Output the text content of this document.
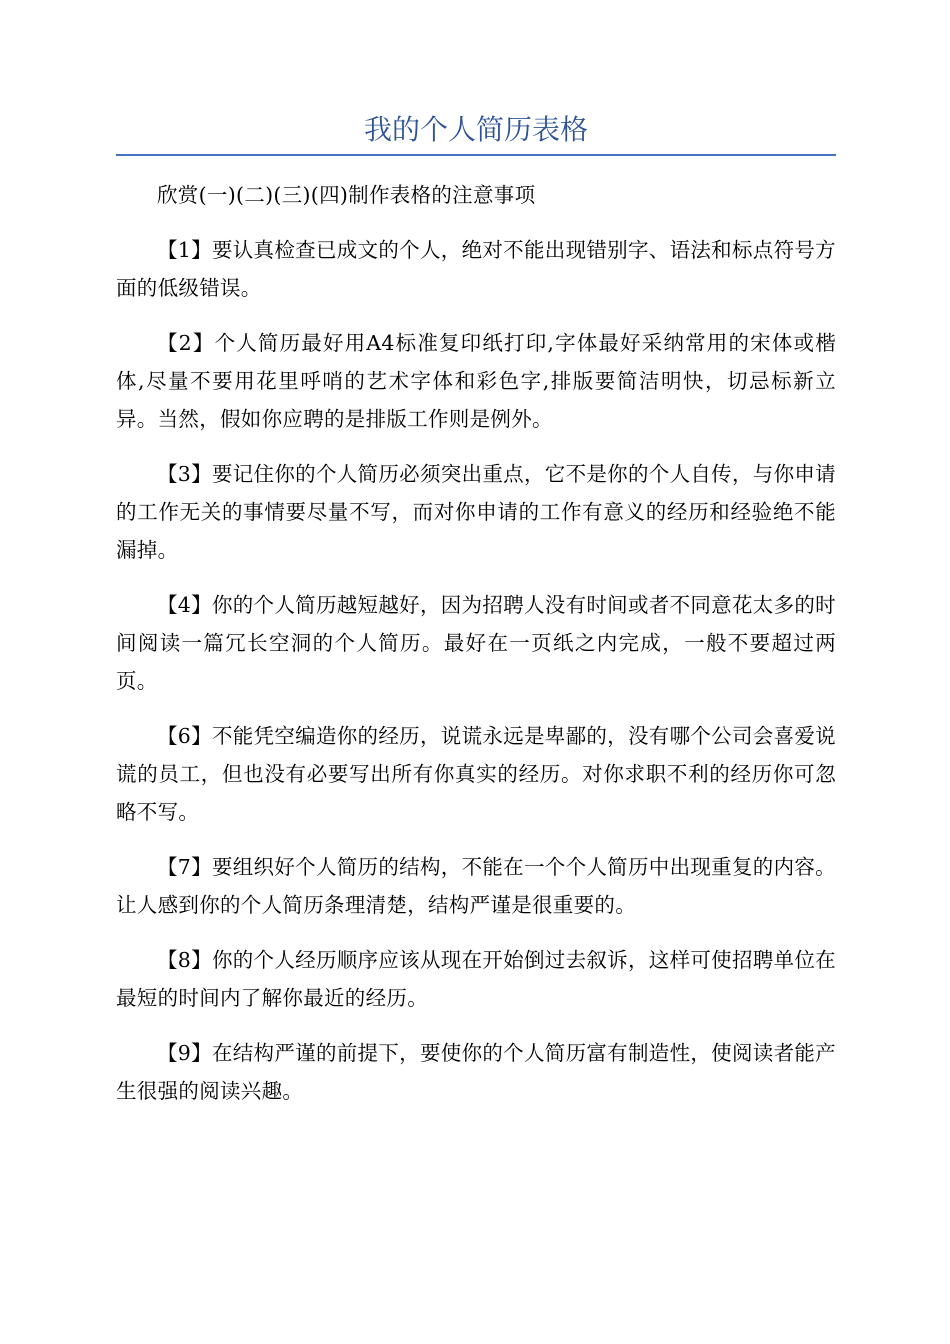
我的个人简历表格

欣赏(一)(二)(三)(四)制作表格的注意事项

【1】要认真检查已成文的个人，绝对不能出现错别字、语法和标点符号方面的低级错误。

【2】个人简历最好用A4标准复印纸打印,字体最好采纳常用的宋体或楷体,尽量不要用花里呼哨的艺术字体和彩色字,排版要简洁明快，切忌标新立异。当然，假如你应聘的是排版工作则是例外。

【3】要记住你的个人简历必须突出重点，它不是你的个人自传，与你申请的工作无关的事情要尽量不写，而对你申请的工作有意义的经历和经验绝不能漏掉。

【4】你的个人简历越短越好，因为招聘人没有时间或者不同意花太多的时间阅读一篇冗长空洞的个人简历。最好在一页纸之内完成，一般不要超过两页。

【6】不能凭空编造你的经历，说谎永远是卑鄙的，没有哪个公司会喜爱说谎的员工，但也没有必要写出所有你真实的经历。对你求职不利的经历你可忽略不写。

【7】要组织好个人简历的结构，不能在一个个人简历中出现重复的内容。让人感到你的个人简历条理清楚，结构严谨是很重要的。

【8】你的个人经历顺序应该从现在开始倒过去叙诉，这样可使招聘单位在最短的时间内了解你最近的经历。

【9】在结构严谨的前提下，要使你的个人简历富有制造性，使阅读者能产生很强的阅读兴趣。
